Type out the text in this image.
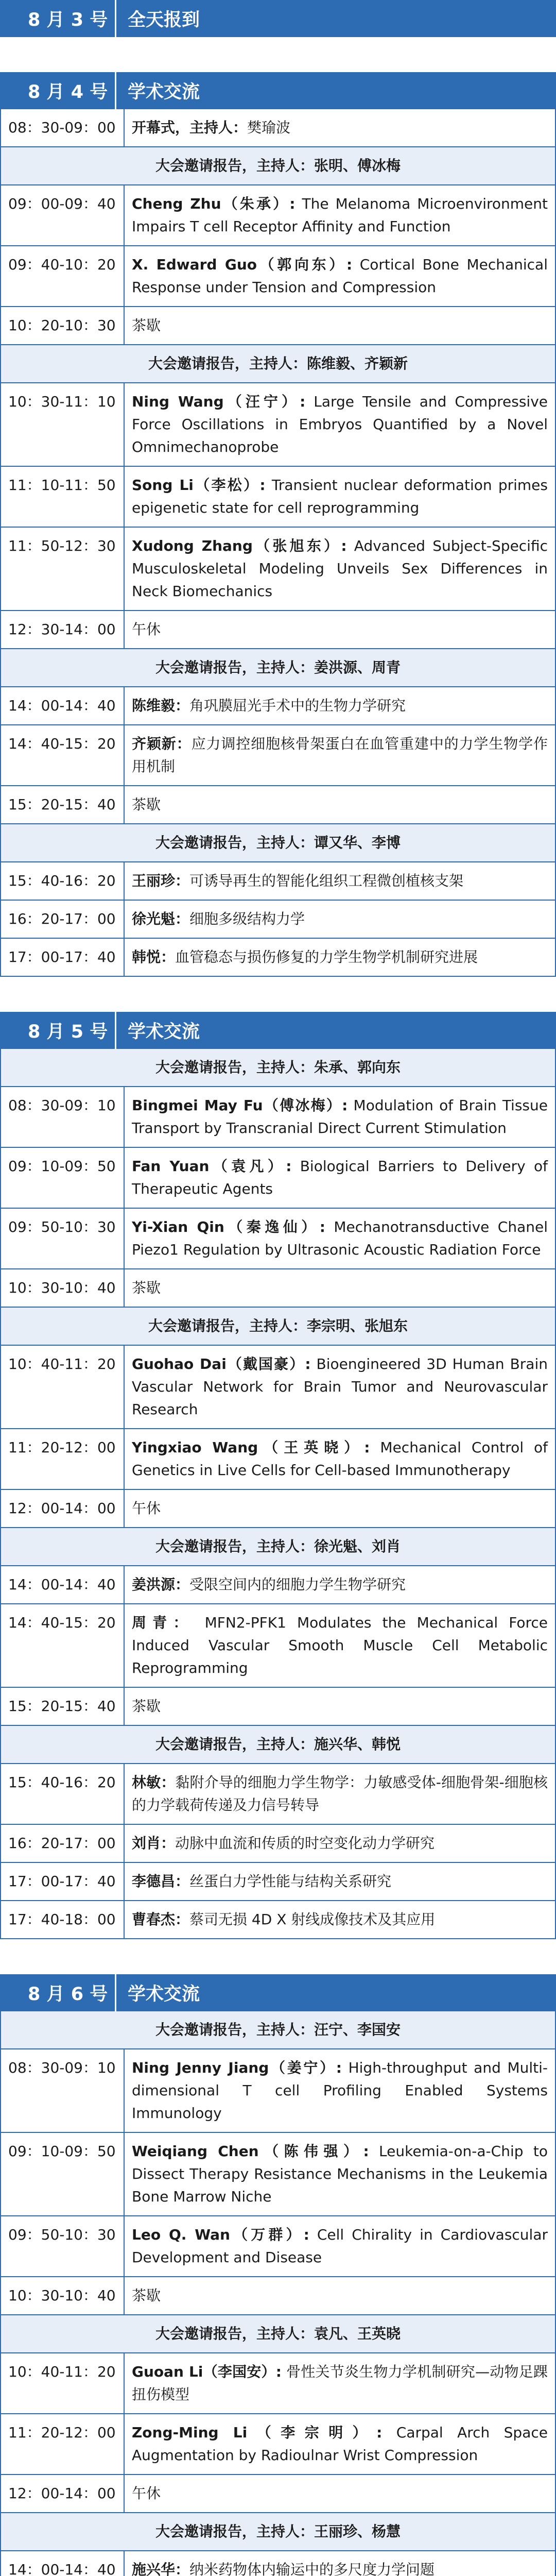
8 月 3 号	全天报到
8 月 4 号	学术交流
08：30-09：00	开幕式，主持人：樊瑜波
大会邀请报告，主持人：张明、傅冰梅
09：00-09：40	Cheng Zhu（朱承）: The Melanoma Microenvironment Impairs T cell Receptor Affinity and Function
09：40-10：20	X. Edward Guo（郭向东）: Cortical Bone Mechanical Response under Tension and Compression
10：20-10：30	茶歇
大会邀请报告，主持人：陈维毅、齐颖新
10：30-11：10	Ning Wang（汪宁）: Large Tensile and Compressive Force Oscillations in Embryos Quantified by a Novel Omnimechanoprobe
11：10-11：50	Song Li（李松）: Transient nuclear deformation primes epigenetic state for cell reprogramming
11：50-12：30	Xudong Zhang（张旭东）: Advanced Subject-Specific Musculoskeletal Modeling Unveils Sex Differences in Neck Biomechanics
12：30-14：00	午休
大会邀请报告，主持人：姜洪源、周青
14：00-14：40	陈维毅：角巩膜屈光手术中的生物力学研究
14：40-15：20	齐颖新：应力调控细胞核骨架蛋白在血管重建中的力学生物学作用机制
15：20-15：40	茶歇
大会邀请报告，主持人：谭又华、李博
15：40-16：20	王丽珍：可诱导再生的智能化组织工程微创植核支架
16：20-17：00	徐光魁：细胞多级结构力学
17：00-17：40	韩悦：血管稳态与损伤修复的力学生物学机制研究进展
8 月 5 号	学术交流
大会邀请报告，主持人：朱承、郭向东
08：30-09：10	Bingmei May Fu（傅冰梅）: Modulation of Brain Tissue Transport by Transcranial Direct Current Stimulation
09：10-09：50	Fan Yuan（袁凡）: Biological Barriers to Delivery of Therapeutic Agents
09：50-10：30	Yi-Xian Qin（秦逸仙）: Mechanotransductive Chanel Piezo1 Regulation by Ultrasonic Acoustic Radiation Force
10：30-10：40	茶歇
大会邀请报告，主持人：李宗明、张旭东
10：40-11：20	Guohao Dai（戴国豪）: Bioengineered 3D Human Brain Vascular Network for Brain Tumor and Neurovascular Research
11：20-12：00	Yingxiao Wang（王英晓）: Mechanical Control of Genetics in Live Cells for Cell-based Immunotherapy
12：00-14：00	午休
大会邀请报告，主持人：徐光魁、刘肖
14：00-14：40	姜洪源：受限空间内的细胞力学生物学研究
14：40-15：20	周青： MFN2-PFK1 Modulates the Mechanical Force Induced Vascular Smooth Muscle Cell Metabolic Reprogramming
15：20-15：40	茶歇
大会邀请报告，主持人：施兴华、韩悦
15：40-16：20	林敏：黏附介导的细胞力学生物学：力敏感受体-细胞骨架-细胞核的力学载荷传递及力信号转导
16：20-17：00	刘肖：动脉中血流和传质的时空变化动力学研究
17：00-17：40	李德昌：丝蛋白力学性能与结构关系研究
17：40-18：00	曹春杰：蔡司无损 4D X 射线成像技术及其应用
8 月 6 号	学术交流
大会邀请报告，主持人：汪宁、李国安
08：30-09：10	Ning Jenny Jiang（姜宁）: High-throughput and Multi-dimensional T cell Profiling Enabled Systems Immunology
09：10-09：50	Weiqiang Chen（陈伟强）: Leukemia-on-a-Chip to Dissect Therapy Resistance Mechanisms in the Leukemia Bone Marrow Niche
09：50-10：30	Leo Q. Wan（万群）: Cell Chirality in Cardiovascular Development and Disease
10：30-10：40	茶歇
大会邀请报告，主持人：袁凡、王英晓
10：40-11：20	Guoan Li（李国安）: 骨性关节炎生物力学机制研究—动物足踝扭伤模型
11：20-12：00	Zong-Ming Li（李宗明）: Carpal Arch Space Augmentation by Radioulnar Wrist Compression
12：00-14：00	午休
大会邀请报告，主持人：王丽珍、杨慧
14：00-14：40	施兴华：纳米药物体内输运中的多尺度力学问题
